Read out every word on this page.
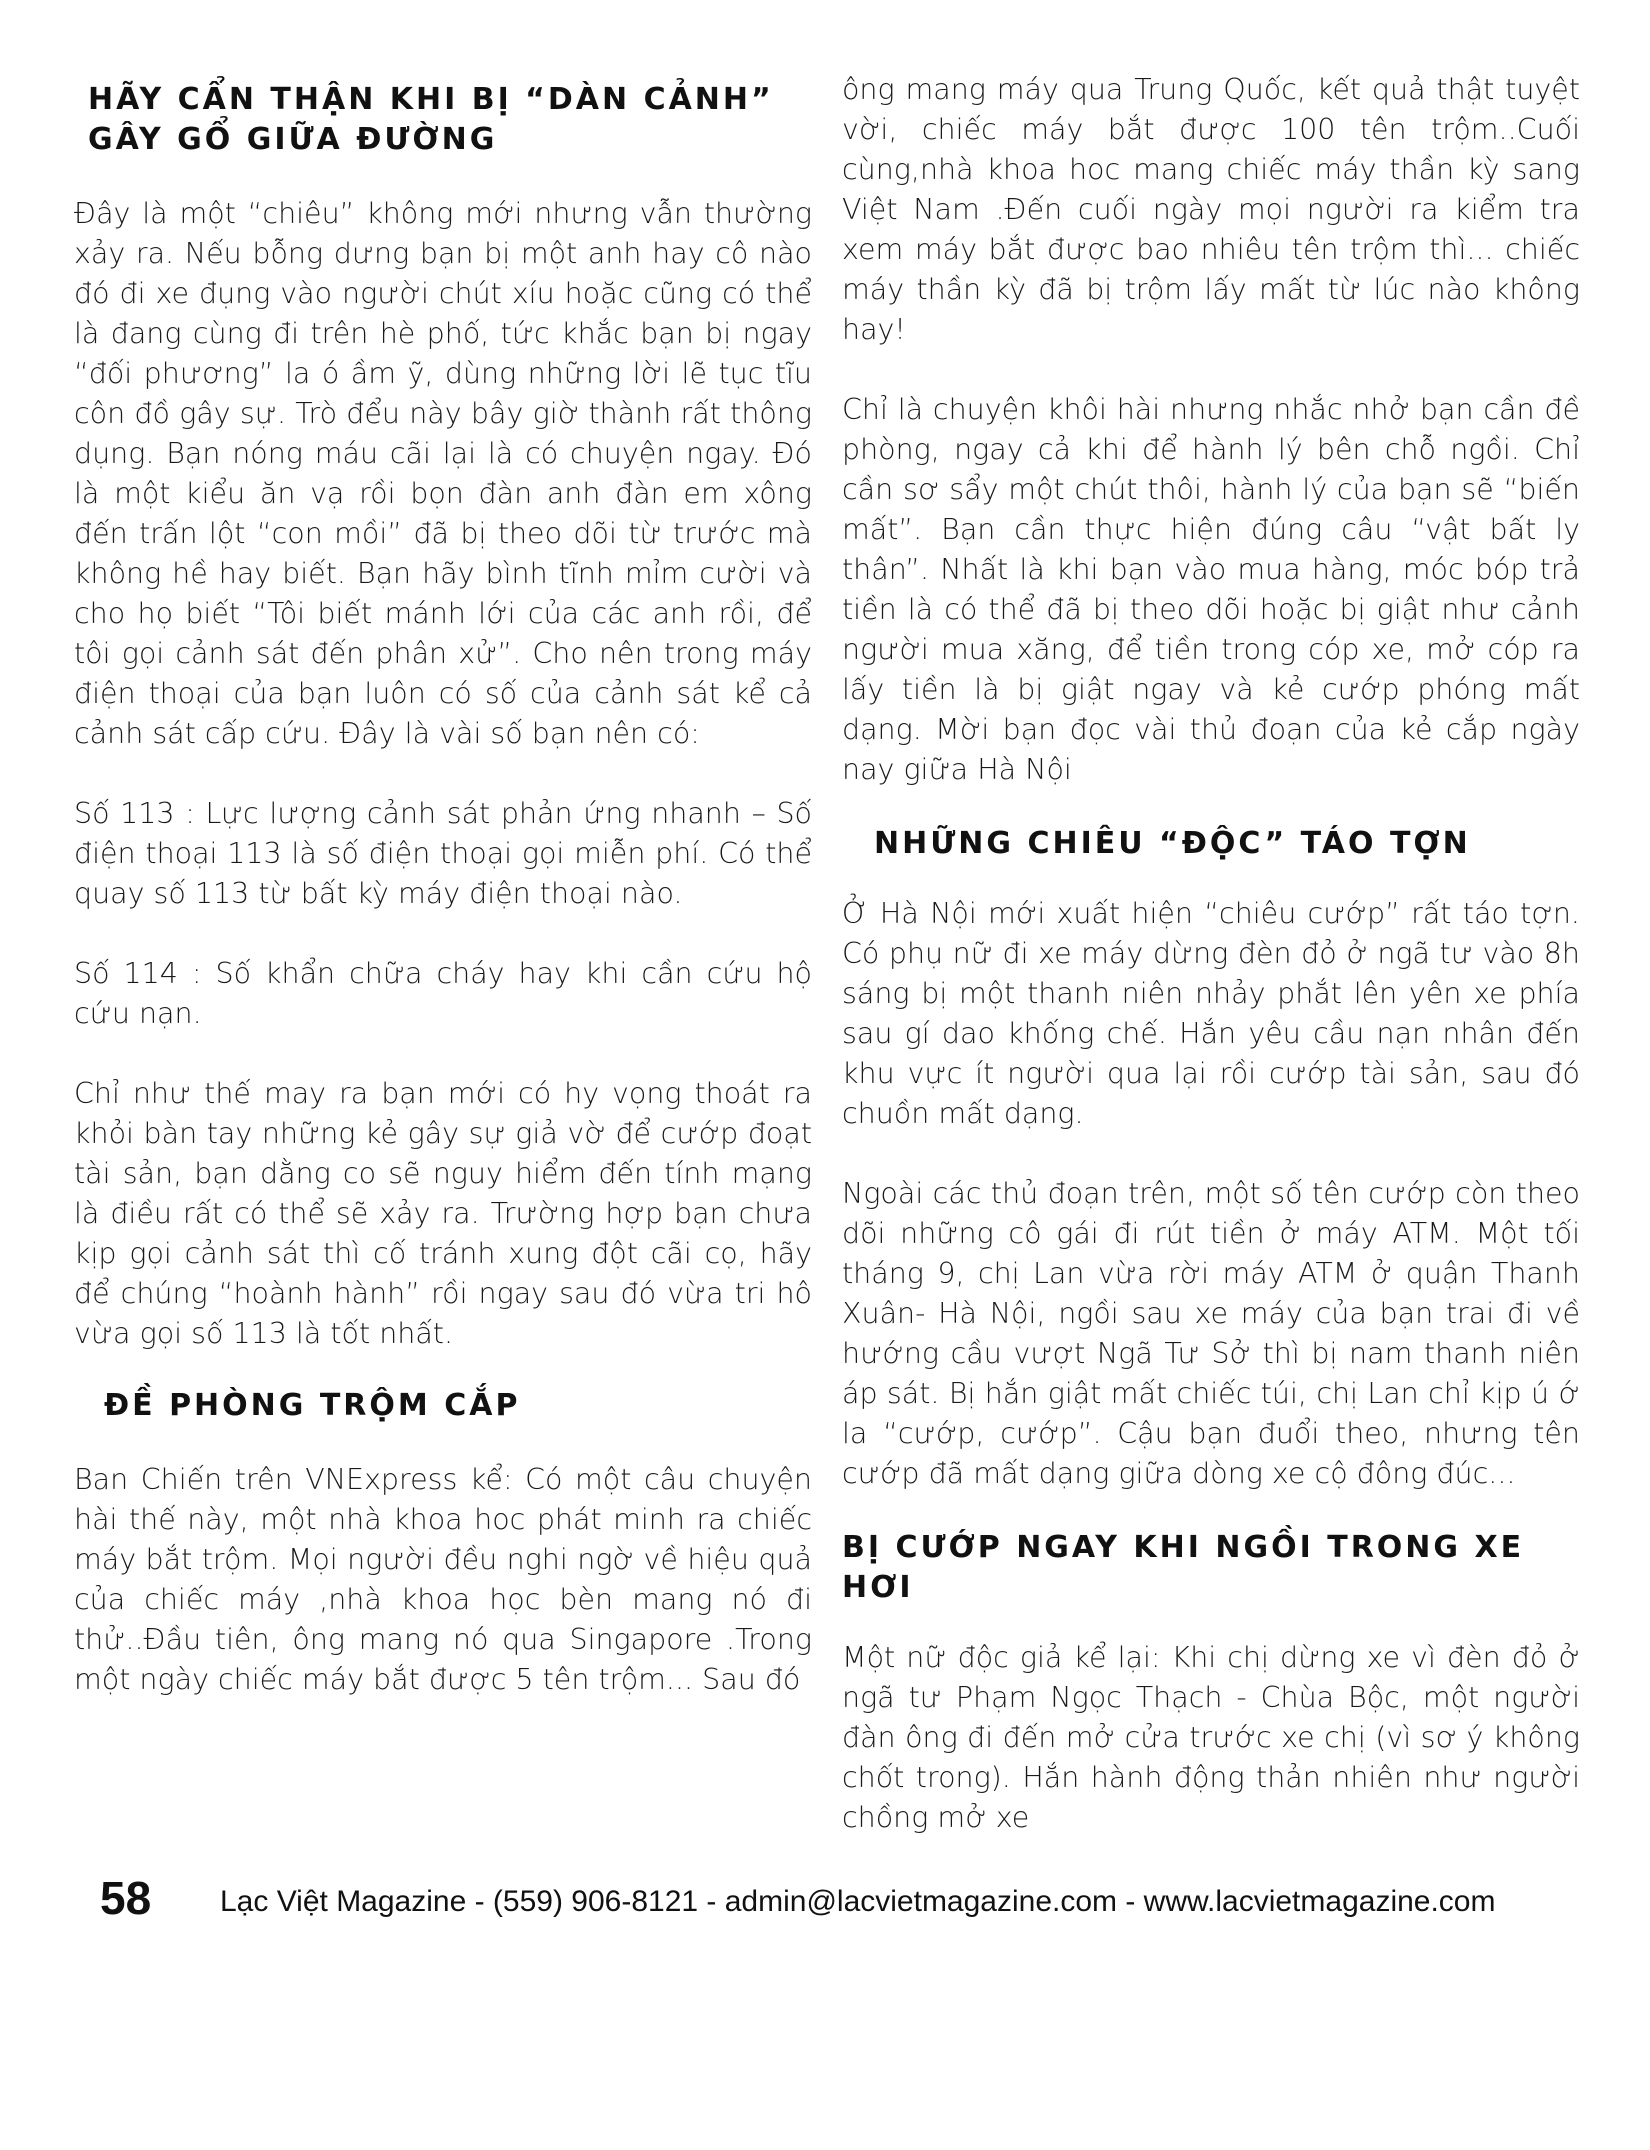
HÃY CẨN THẬN KHI BỊ “DÀN CẢNH” GÂY GỔ GIỮA ĐƯỜNG

Đây là một “chiêu” không mới nhưng vẫn thường xảy ra. Nếu bỗng dưng bạn bị một anh hay cô nào đó đi xe đụng vào người chút xíu hoặc cũng có thể là đang cùng đi trên hè phố, tức khắc bạn bị ngay “đối phương” la ó ầm ỹ, dùng những lời lẽ tục tĩu côn đồ gây sự. Trò đểu này bây giờ thành rất thông dụng. Bạn nóng máu cãi lại là có chuyện ngay. Đó là một kiểu ăn vạ rồi bọn đàn anh đàn em xông đến trấn lột “con mồi” đã bị theo dõi từ trước mà không hề hay biết. Bạn hãy bình tĩnh mỉm cười và cho họ biết “Tôi biết mánh lới của các anh rồi, để tôi gọi cảnh sát đến phân xử”. Cho nên trong máy điện thoại của bạn luôn có số của cảnh sát kể cả cảnh sát cấp cứu. Đây là vài số bạn nên có:

Số 113 : Lực lượng cảnh sát phản ứng nhanh – Số điện thoại 113 là số điện thoại gọi miễn phí. Có thể quay số 113 từ bất kỳ máy điện thoại nào.

Số 114 : Số khẩn chữa cháy hay khi cần cứu hộ cứu nạn.

Chỉ như thế may ra bạn mới có hy vọng thoát ra khỏi bàn tay những kẻ gây sự giả vờ để cướp đoạt tài sản, bạn dằng co sẽ nguy hiểm đến tính mạng là điều rất có thể sẽ xảy ra. Trường hợp bạn chưa kịp gọi cảnh sát thì cố tránh xung đột cãi cọ, hãy để chúng “hoành hành” rồi ngay sau đó vừa tri hô vừa gọi số 113 là tốt nhất.

ĐỀ PHÒNG TRỘM CẮP

Ban Chiến trên VNExpress kể: Có một câu chuyện hài thế này, một nhà khoa hoc phát minh ra chiếc máy bắt trộm. Mọi người đều nghi ngờ về hiệu quả của chiếc máy ,nhà khoa học bèn mang nó đi thử..Đầu tiên, ông mang nó qua Singapore .Trong một ngày chiếc máy bắt được 5 tên trộm... Sau đó

ông mang máy qua Trung Quốc, kết quả thật tuyệt vời, chiếc máy bắt được 100 tên trộm..Cuối cùng,nhà khoa hoc mang chiếc máy thần kỳ sang Việt Nam .Đến cuối ngày mọi người ra kiểm tra xem máy bắt được bao nhiêu tên trộm thì... chiếc máy thần kỳ đã bị trộm lấy mất từ lúc nào không hay!

Chỉ là chuyện khôi hài nhưng nhắc nhở bạn cần đề phòng, ngay cả khi để hành lý bên chỗ ngồi. Chỉ cần sơ sẩy một chút thôi, hành lý của bạn sẽ “biến mất”. Bạn cần thực hiện đúng câu “vật bất ly thân”. Nhất là khi bạn vào mua hàng, móc bóp trả tiền là có thể đã bị theo dõi hoặc bị giật như cảnh người mua xăng, để tiền trong cóp xe, mở cóp ra lấy tiền là bị giật ngay và kẻ cướp phóng mất dạng. Mời bạn đọc vài thủ đoạn của kẻ cắp ngày nay giữa Hà Nội

NHỮNG CHIÊU “ĐỘC” TÁO TỢN

Ở Hà Nội mới xuất hiện “chiêu cướp” rất táo tợn. Có phụ nữ đi xe máy dừng đèn đỏ ở ngã tư vào 8h sáng bị một thanh niên nhảy phắt lên yên xe phía sau gí dao khống chế. Hắn yêu cầu nạn nhân đến khu vực ít người qua lại rồi cướp tài sản, sau đó chuồn mất dạng.

Ngoài các thủ đoạn trên, một số tên cướp còn theo dõi những cô gái đi rút tiền ở máy ATM. Một tối tháng 9, chị Lan vừa rời máy ATM ở quận Thanh Xuân- Hà Nội, ngồi sau xe máy của bạn trai đi về hướng cầu vượt Ngã Tư Sở thì bị nam thanh niên áp sát. Bị hắn giật mất chiếc túi, chị Lan chỉ kịp ú ớ la “cướp, cướp”. Cậu bạn đuổi theo, nhưng tên cướp đã mất dạng giữa dòng xe cộ đông đúc...

BỊ CƯỚP NGAY KHI NGỒI TRONG XE HƠI

Một nữ độc giả kể lại: Khi chị dừng xe vì đèn đỏ ở ngã tư Phạm Ngọc Thạch - Chùa Bộc, một người đàn ông đi đến mở cửa trước xe chị (vì sơ ý không chốt trong). Hắn hành động thản nhiên như người chồng mở xe

58 Lạc Việt Magazine - (559) 906-8121 - admin@lacvietmagazine.com - www.lacvietmagazine.com
